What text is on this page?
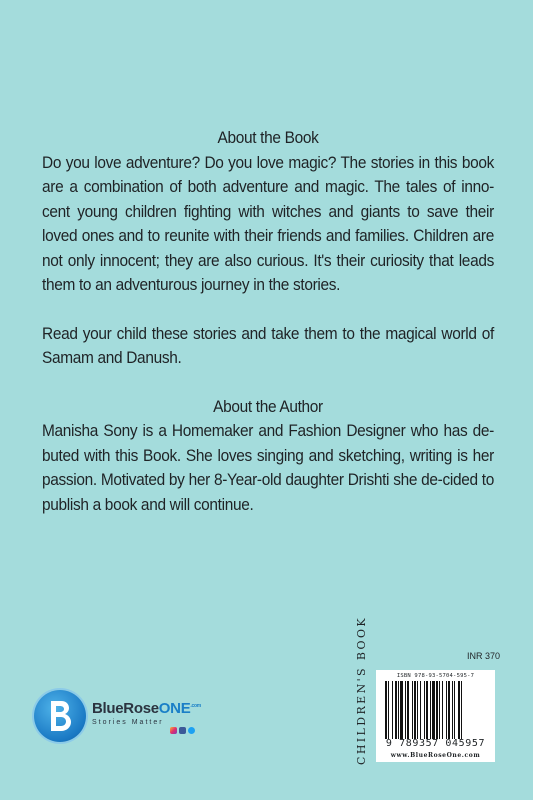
About the Book

Do you love adventure? Do you love magic? The stories in this book are a combination of both adventure and magic. The tales of inno-cent young children fighting with witches and giants to save their loved ones and to reunite with their friends and families. Children are not only innocent; they are also curious. It's their curiosity that leads them to an adventurous journey in the stories.

Read your child these stories and take them to the magical world of Samam and Danush.

About the Author

Manisha Sony is a Homemaker and Fashion Designer who has de-buted with this Book. She loves singing and sketching, writing is her passion. Motivated by her 8-Year-old daughter Drishti she de-cided to publish a book and will continue.

BlueRoseONE$^{.com}$
Stories Matter	CHILDREN'S BOOK	INR 370
ISBN 978-93-5704-595-7
9 789357 045957
www.BlueRoseOne.com
